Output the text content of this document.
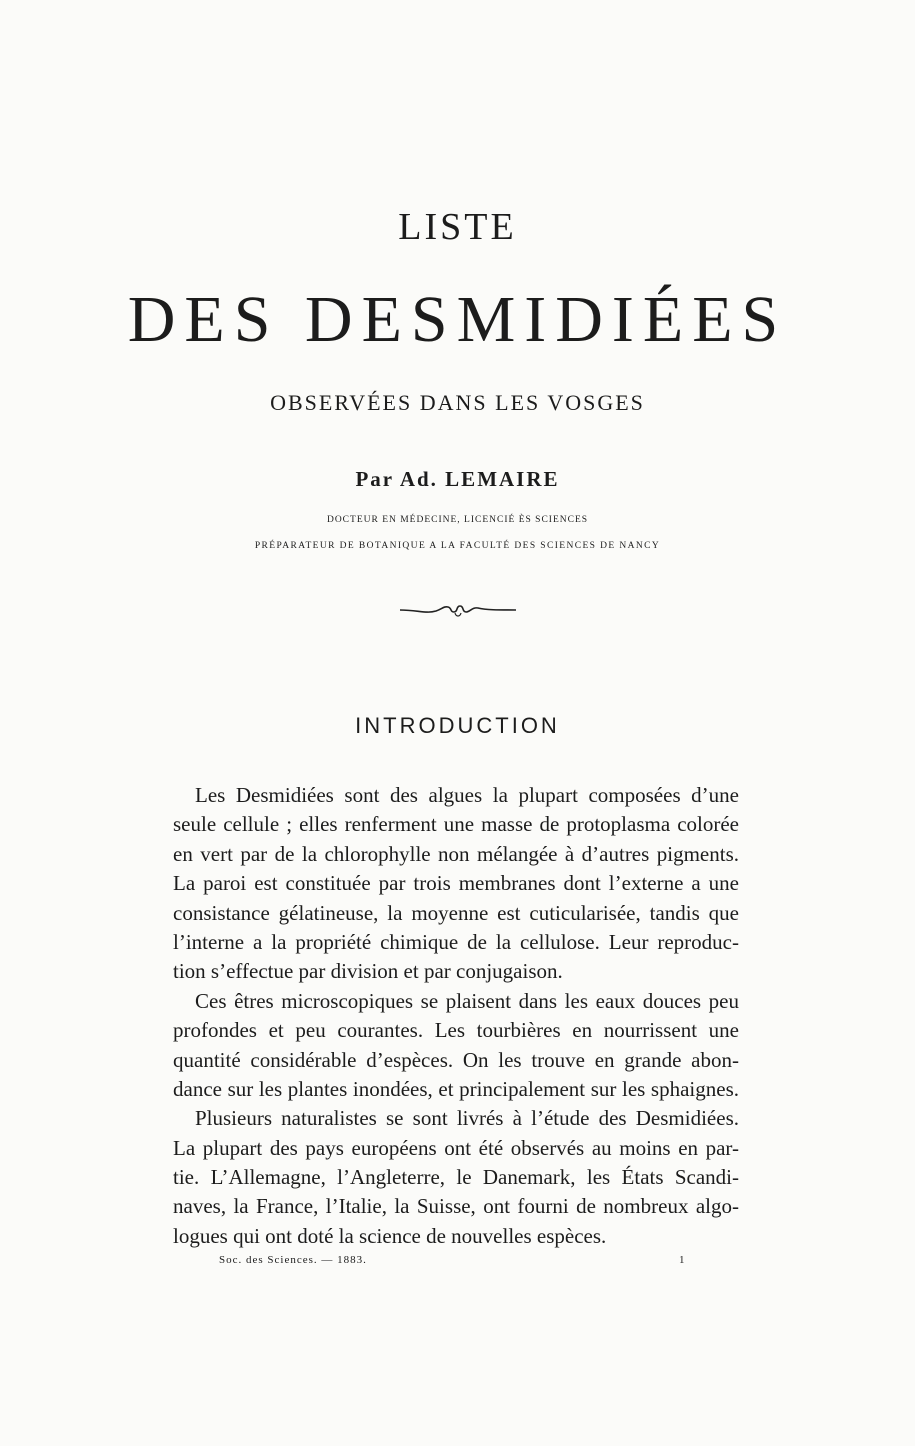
LISTE
DES DESMIDIÉES
OBSERVÉES DANS LES VOSGES
Par Ad. LEMAIRE
DOCTEUR EN MÉDECINE, LICENCIÉ ÈS SCIENCES
PRÉPARATEUR DE BOTANIQUE A LA FACULTÉ DES SCIENCES DE NANCY
INTRODUCTION
Les Desmidiées sont des algues la plupart composées d’une
seule cellule ; elles renferment une masse de protoplasma colorée
en vert par de la chlorophylle non mélangée à d’autres pigments.
La paroi est constituée par trois membranes dont l’externe a une
consistance gélatineuse, la moyenne est cuticularisée, tandis que
l’interne a la propriété chimique de la cellulose. Leur reproduc-
tion s’effectue par division et par conjugaison.
Ces êtres microscopiques se plaisent dans les eaux douces peu
profondes et peu courantes. Les tourbières en nourrissent une
quantité considérable d’espèces. On les trouve en grande abon-
dance sur les plantes inondées, et principalement sur les sphaignes.
Plusieurs naturalistes se sont livrés à l’étude des Desmidiées.
La plupart des pays européens ont été observés au moins en par-
tie. L’Allemagne, l’Angleterre, le Danemark, les États Scandi-
naves, la France, l’Italie, la Suisse, ont fourni de nombreux algo-
logues qui ont doté la science de nouvelles espèces.
Soc. des Sciences. — 1883.	1
